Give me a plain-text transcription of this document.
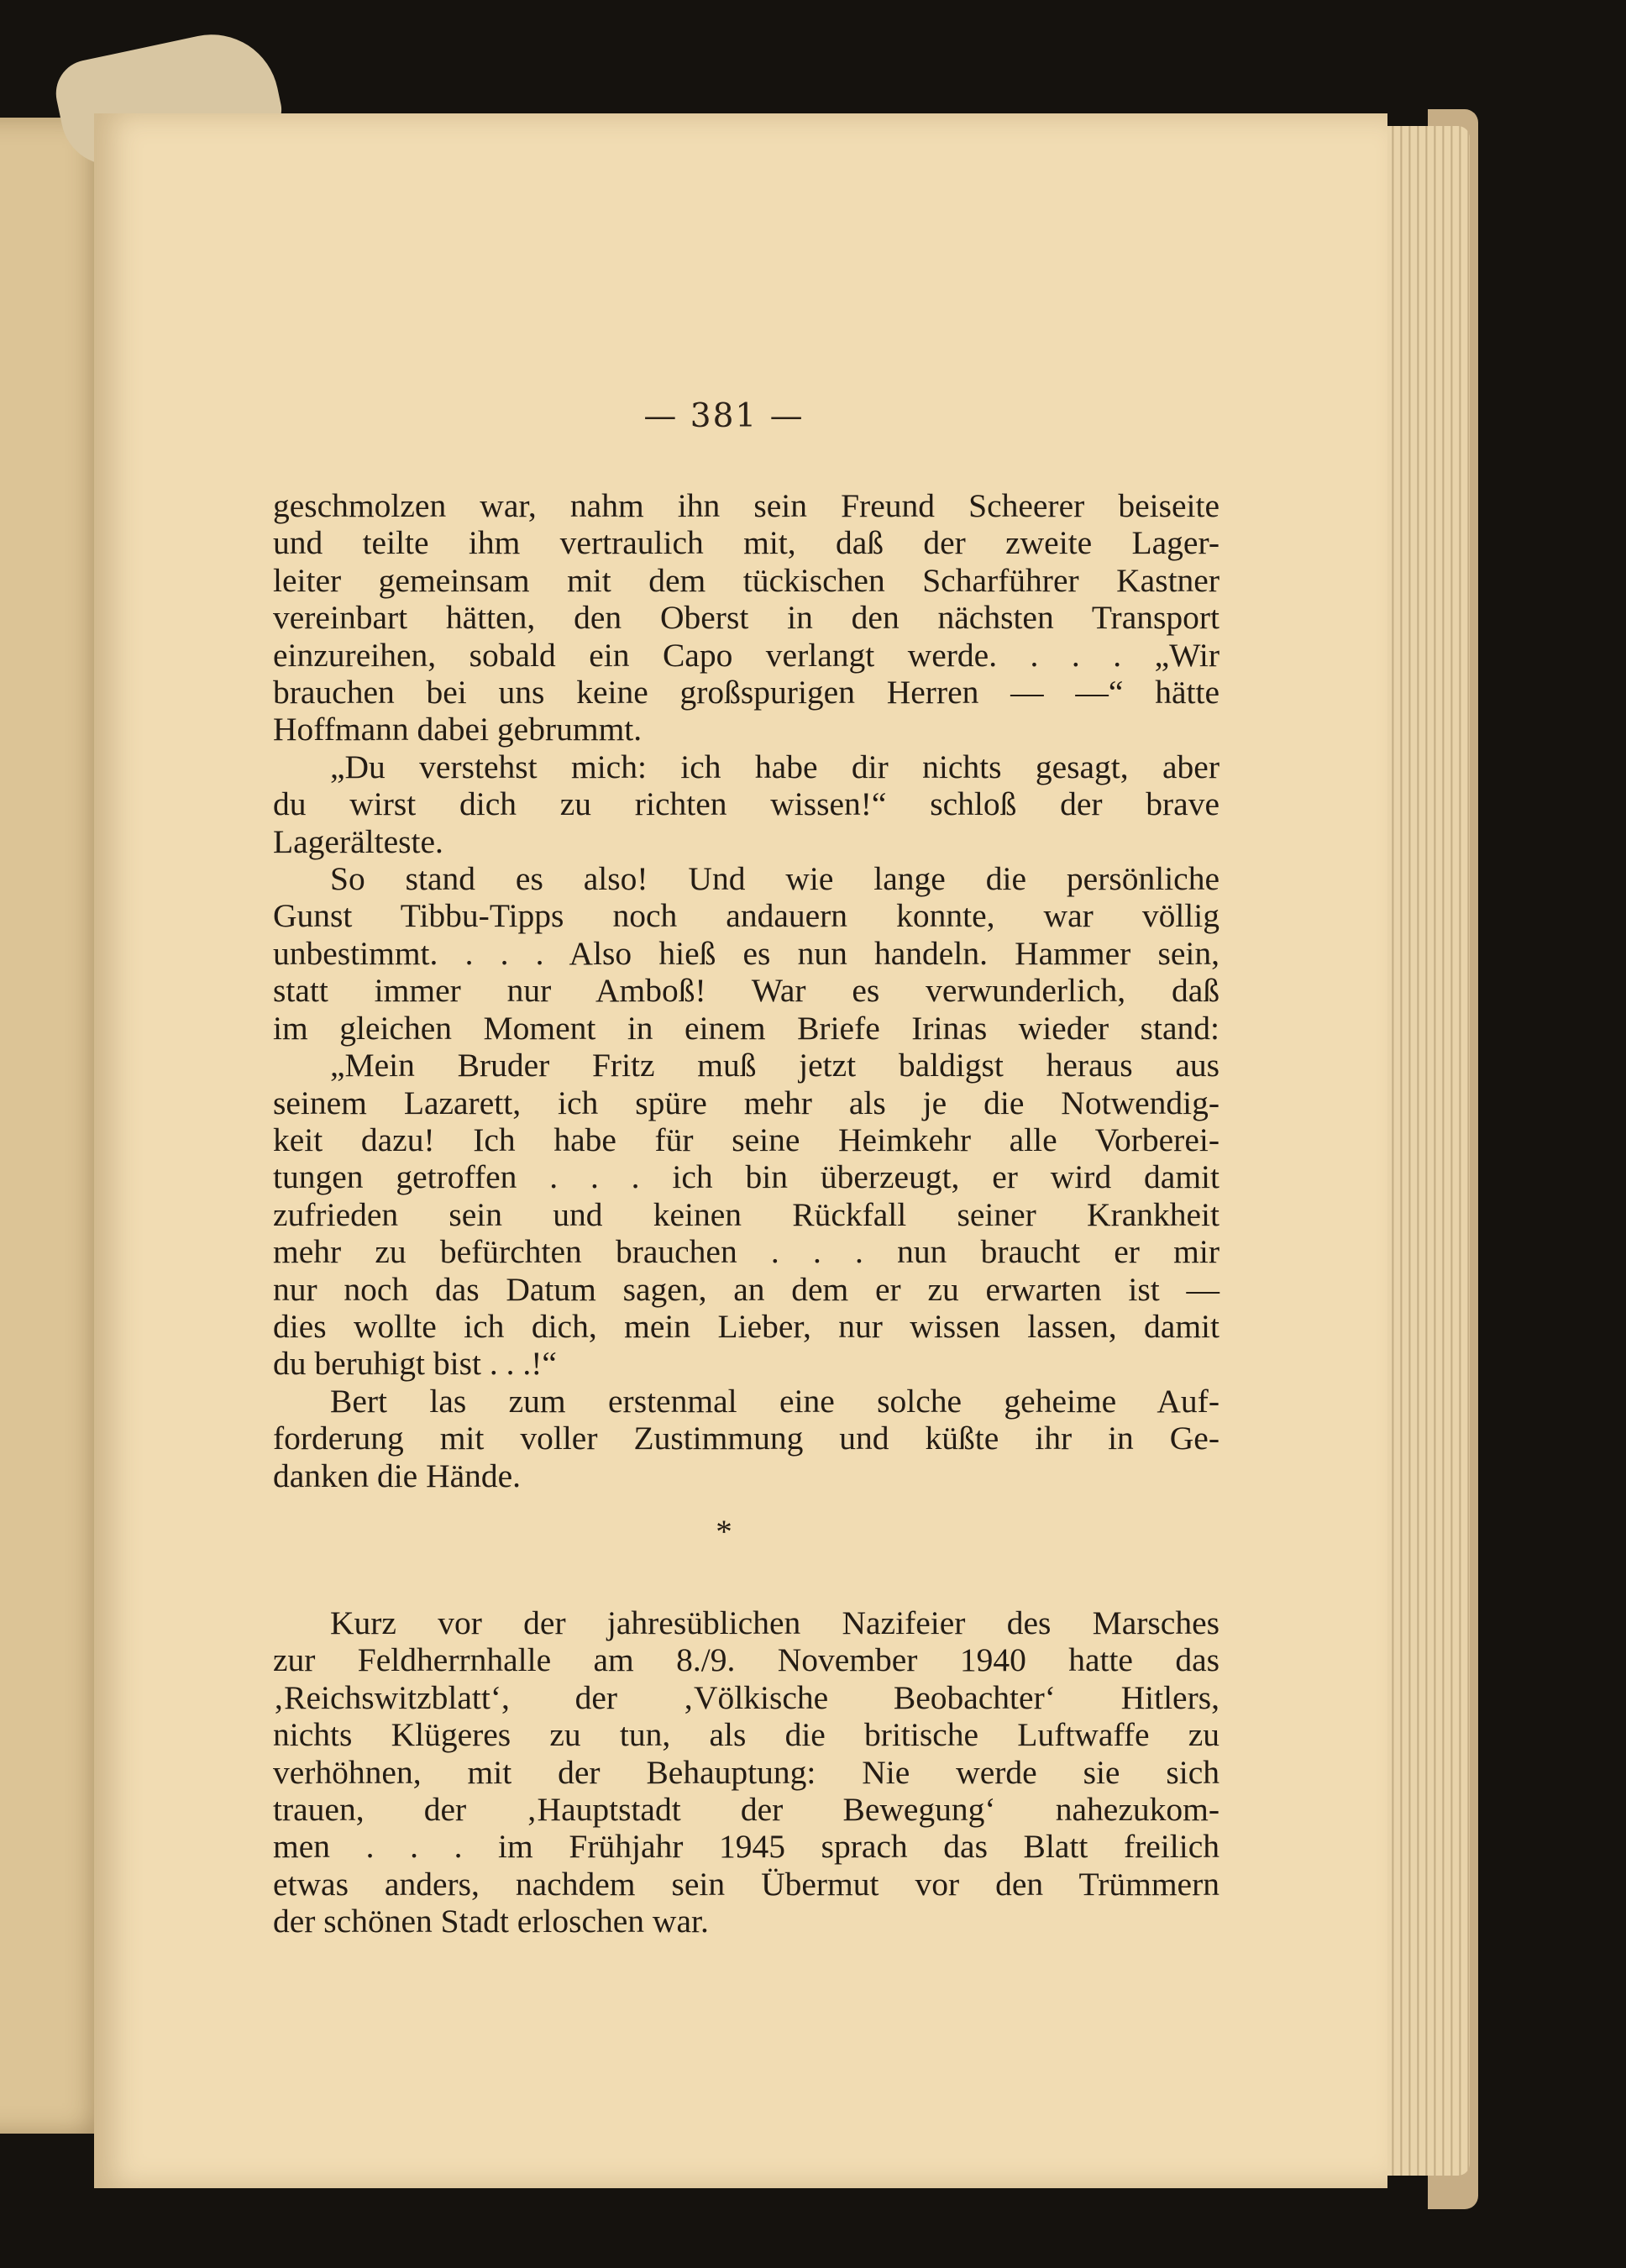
— 381 —
geschmolzen war, nahm ihn sein Freund Scheerer beiseite
und teilte ihm vertraulich mit, daß der zweite Lager-
leiter gemeinsam mit dem tückischen Scharführer Kastner
vereinbart hätten, den Oberst in den nächsten Transport
einzureihen, sobald ein Capo verlangt werde. . . . „Wir
brauchen bei uns keine großspurigen Herren — —“ hätte
Hoffmann dabei gebrummt.
„Du verstehst mich: ich habe dir nichts gesagt, aber
du wirst dich zu richten wissen!“ schloß der brave
Lagerälteste.
So stand es also! Und wie lange die persönliche
Gunst Tibbu-Tipps noch andauern konnte, war völlig
unbestimmt. . . . Also hieß es nun handeln. Hammer sein,
statt immer nur Amboß! War es verwunderlich, daß
im gleichen Moment in einem Briefe Irinas wieder stand:
„Mein Bruder Fritz muß jetzt baldigst heraus aus
seinem Lazarett, ich spüre mehr als je die Notwendig-
keit dazu! Ich habe für seine Heimkehr alle Vorberei-
tungen getroffen . . . ich bin überzeugt, er wird damit
zufrieden sein und keinen Rückfall seiner Krankheit
mehr zu befürchten brauchen . . . nun braucht er mir
nur noch das Datum sagen, an dem er zu erwarten ist —
dies wollte ich dich, mein Lieber, nur wissen lassen, damit
du beruhigt bist . . .!“
Bert las zum erstenmal eine solche geheime Auf-
forderung mit voller Zustimmung und küßte ihr in Ge-
danken die Hände.
*
Kurz vor der jahresüblichen Nazifeier des Marsches
zur Feldherrnhalle am 8./9. November 1940 hatte das
‚Reichswitzblatt‘, der ‚Völkische Beobachter‘ Hitlers,
nichts Klügeres zu tun, als die britische Luftwaffe zu
verhöhnen, mit der Behauptung: Nie werde sie sich
trauen, der ‚Hauptstadt der Bewegung‘ nahezukom-
men . . . im Frühjahr 1945 sprach das Blatt freilich
etwas anders, nachdem sein Übermut vor den Trümmern
der schönen Stadt erloschen war.
